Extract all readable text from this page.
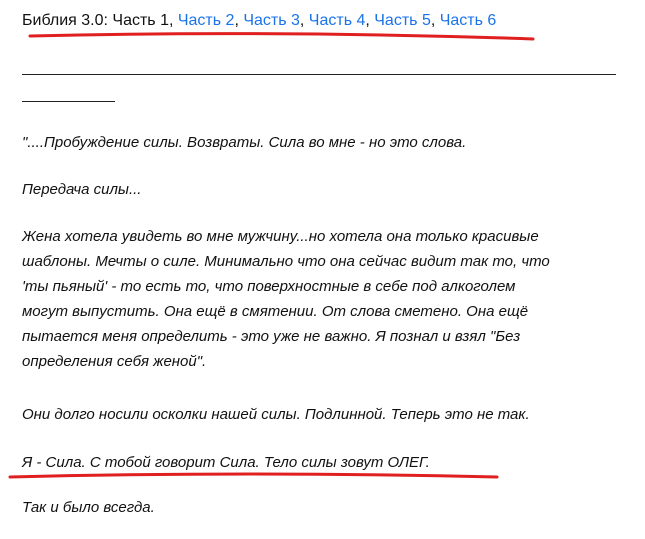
Библия 3.0: Часть 1, Часть 2, Часть 3, Часть 4, Часть 5, Часть 6
"....Пробуждение силы. Возвраты. Сила во мне - но это слова.
Передача силы...
Жена хотела увидеть во мне мужчину...но хотела она только красивые
шаблоны. Мечты о силе. Минимально что она сейчас видит так то, что
'ты пьяный' - то есть то, что поверхностные в себе под алкоголем
могут выпустить. Она ещё в смятении. От слова сметено. Она ещё
пытается меня определить - это уже не важно. Я познал и взял "Без
определения себя женой".
Они долго носили осколки нашей силы. Подлинной. Теперь это не так.
Я - Сила. С тобой говорит Сила. Тело силы зовут ОЛЕГ.
Так и было всегда.
